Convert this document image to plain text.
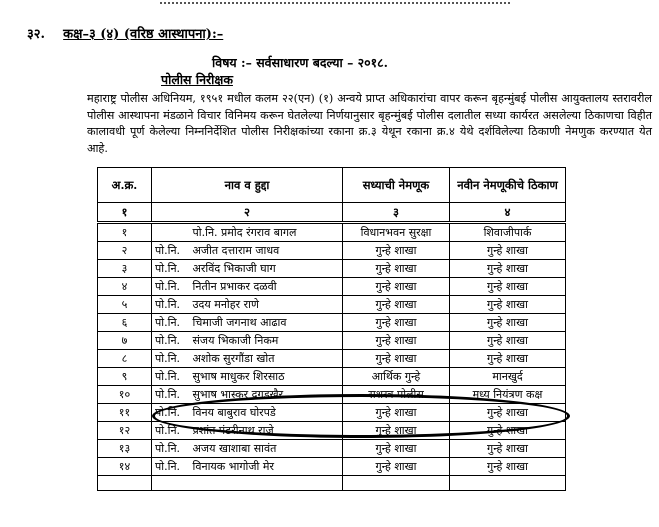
३२. कक्ष–३ (४) (वरिष्ठ आस्थापना):–
विषय :– सर्वसाधारण बदल्या – २०१८.
पोलीस निरीक्षक

महाराष्ट्र पोलीस अधिनियम, १९५१ मधील कलम २२(एन) (१) अन्वये प्राप्त अधिकारांचा वापर करून बृहन्मुंबई पोलीस आयुक्तालय स्तरावरील पोलीस आस्थापना मंडळाने विचार विनिमय करून घेतलेल्या निर्णयानुसार बृहन्मुंबई पोलीस दलातील सध्या कार्यरत असलेल्या ठिकाणचा विहीत कालावधी पूर्ण केलेल्या निम्ननिर्देशित पोलीस निरीक्षकांच्या रकाना क्र.३ येथून रकाना क्र.४ येथे दर्शविलेल्या ठिकाणी नेमणुक करण्यात येत आहे.

अ.क्र.	नाव व हुद्दा		सध्याची नेमणूक	नवीन नेमणूकीचे ठिकाण
१	२		३	४
१		पो.नि. प्रमोद रंगराव बागल	विधानभवन सुरक्षा	शिवाजीपार्क
२	पो.नि.	अजीत दत्तारा‍म जाधव	गुन्हे शाखा	गुन्हे शाखा
३	पो.नि.	अरविंद भिकाजी घाग	गुन्हे शाखा	गुन्हे शाखा
४	पो.नि.	नितीन प्रभाकर दळवी	गुन्हे शाखा	गुन्हे शाखा
५	पो.नि.	उदय मनोहर राणे	गुन्हे शाखा	गुन्हे शाखा
६	पो.नि.	चिमाजी जगनाथ आढाव	गुन्हे शाखा	गुन्हे शाखा
७	पो.नि.	संजय भिकाजी निकम	गुन्हे शाखा	गुन्हे शाखा
८	पो.नि.	अशोक सुरगौंडा खोत	गुन्हे शाखा	गुन्हे शाखा
९	पो.नि.	सुभाष माधुकर शिरसाठ	आर्थिक गुन्हे	मानखुर्द
१०	पो.नि.	सुभाष भास्कर दगडखैर	सशस्त्र पोलीस	मध्य नियंत्रण कक्ष
११	पो.नि.	विनय बाबुराव घोरपडे	गुन्हे शाखा	गुन्हे शाखा
१२	पो.नि.	प्रशांत पंढरीनाथ राजे	गुन्हे शाखा	गुन्हे शाखा
१३	पो.नि.	अजय खाशाबा सावंत	गुन्हे शाखा	गुन्हे शाखा
१४	पो.नि.	विनायक भागोजी मेर	गुन्हे शाखा	गुन्हे शाखा
